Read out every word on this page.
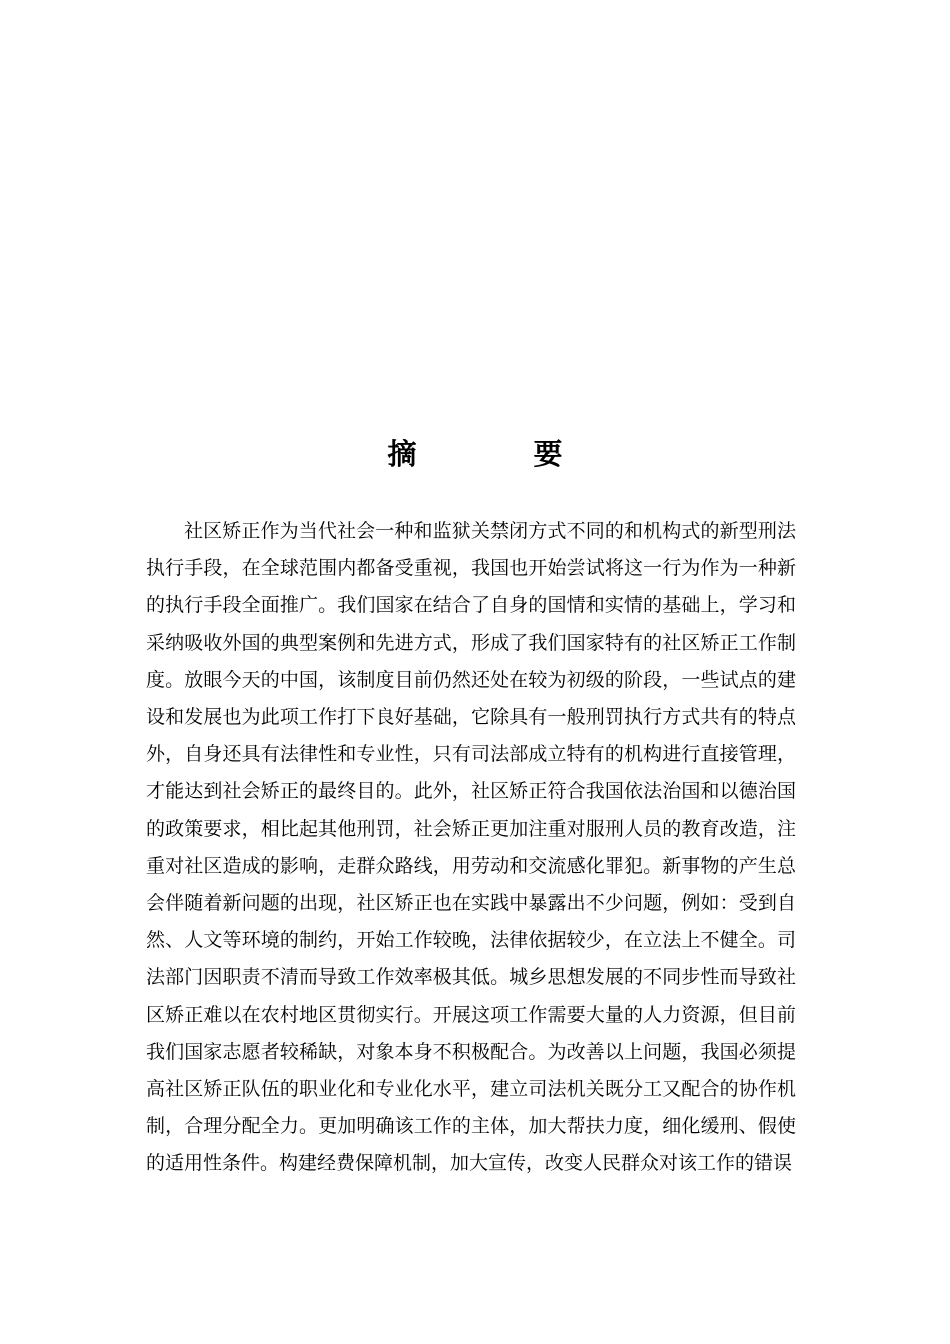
摘　要

社区矫正作为当代社会一种和监狱关禁闭方式不同的和机构式的新型刑法执行手段，在全球范围内都备受重视，我国也开始尝试将这一行为作为一种新的执行手段全面推广。我们国家在结合了自身的国情和实情的基础上，学习和采纳吸收外国的典型案例和先进方式，形成了我们国家特有的社区矫正工作制度。放眼今天的中国，该制度目前仍然还处在较为初级的阶段，一些试点的建设和发展也为此项工作打下良好基础，它除具有一般刑罚执行方式共有的特点外，自身还具有法律性和专业性，只有司法部成立特有的机构进行直接管理，才能达到社会矫正的最终目的。此外，社区矫正符合我国依法治国和以德治国的政策要求，相比起其他刑罚，社会矫正更加注重对服刑人员的教育改造，注重对社区造成的影响，走群众路线，用劳动和交流感化罪犯。新事物的产生总会伴随着新问题的出现，社区矫正也在实践中暴露出不少问题，例如：受到自然、人文等环境的制约，开始工作较晚，法律依据较少，在立法上不健全。司法部门因职责不清而导致工作效率极其低。城乡思想发展的不同步性而导致社区矫正难以在农村地区贯彻实行。开展这项工作需要大量的人力资源，但目前我们国家志愿者较稀缺，对象本身不积极配合。为改善以上问题，我国必须提高社区矫正队伍的职业化和专业化水平，建立司法机关既分工又配合的协作机制，合理分配全力。更加明确该工作的主体，加大帮扶力度，细化缓刑、假使的适用性条件。构建经费保障机制，加大宣传，改变人民群众对该工作的错误
